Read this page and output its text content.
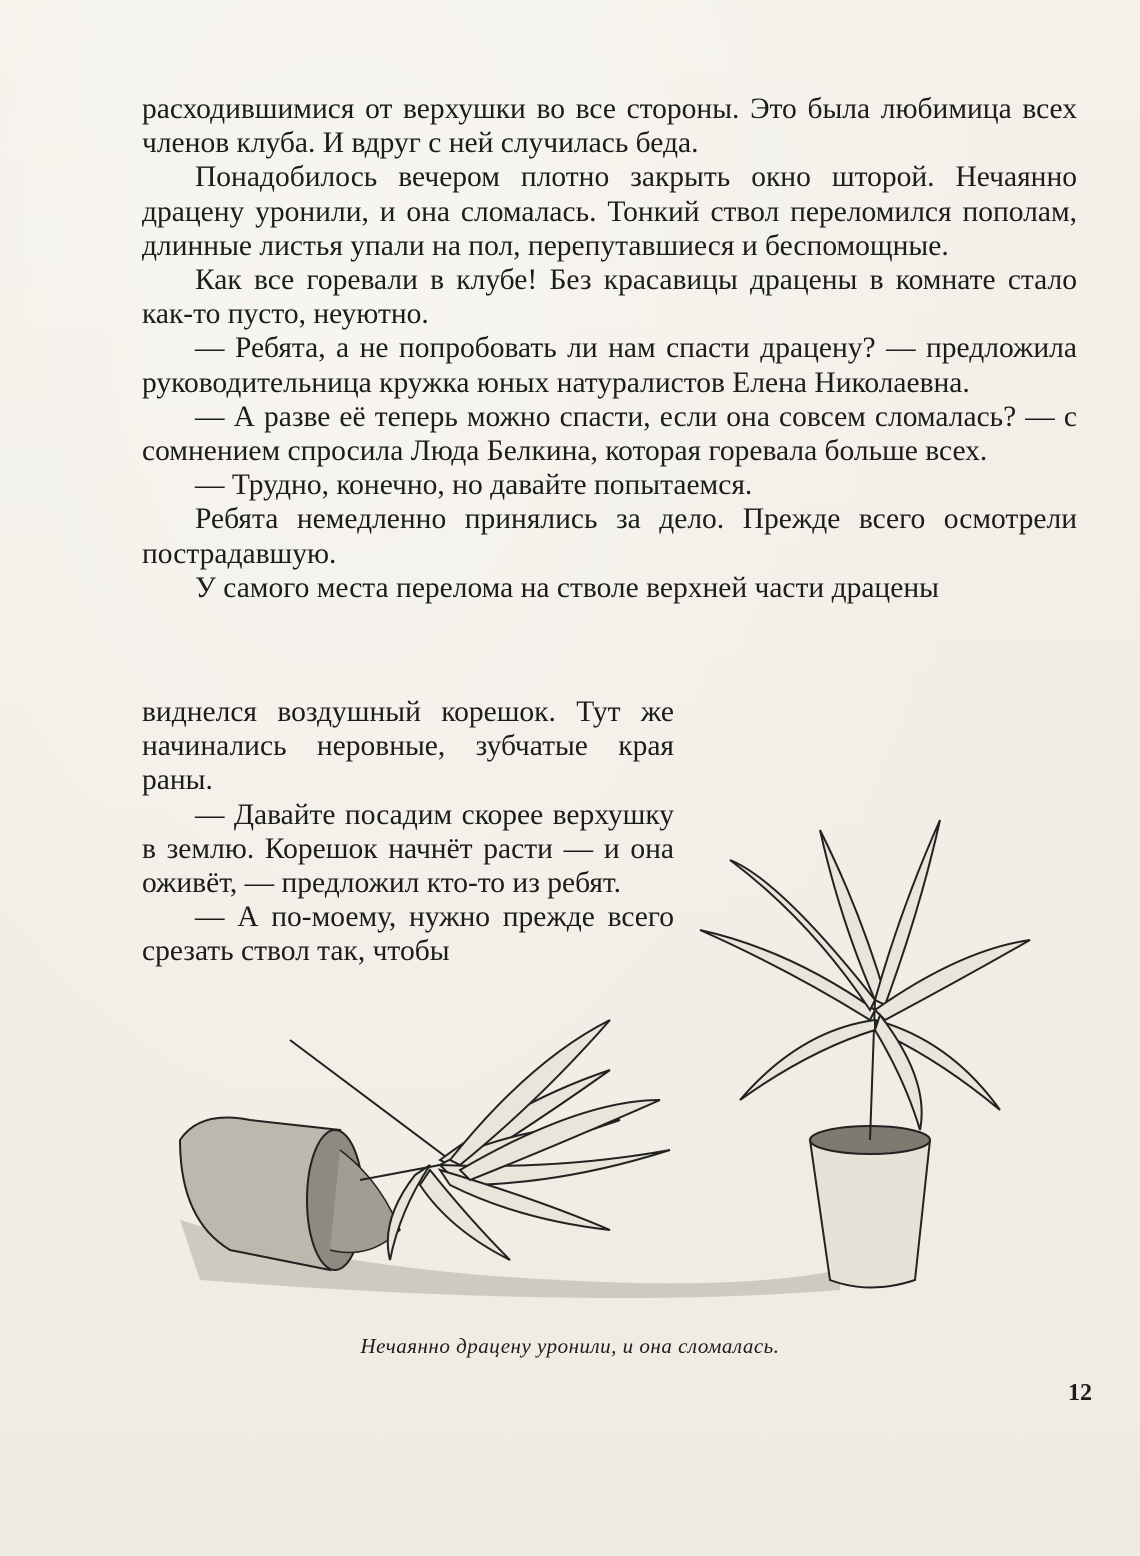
расходившимися от верхушки во все стороны. Это была любимица всех членов клуба. И вдруг с ней случилась беда.

Понадобилось вечером плотно закрыть окно шторой. Нечаянно драцену уронили, и она сломалась. Тонкий ствол переломился пополам, длинные листья упали на пол, перепутавшиеся и беспомощные.

Как все горевали в клубе! Без красавицы драцены в комнате стало как-то пусто, неуютно.

— Ребята, а не попробовать ли нам спасти драцену? — предложила руководительница кружка юных натуралистов Елена Николаевна.

— А разве её теперь можно спасти, если она совсем сломалась? — с сомнением спросила Люда Белкина, которая горевала больше всех.

— Трудно, конечно, но давайте попытаемся.

Ребята немедленно принялись за дело. Прежде всего осмотрели пострадавшую.

У самого места перелома на стволе верхней части драцены

виднелся воздушный корешок. Тут же начинались неровные, зубчатые края раны.

— Давайте посадим скорее верхушку в землю. Корешок начнёт расти — и она оживёт, — предложил кто-то из ребят.

— А по-моему, нужно прежде всего срезать ствол так, чтобы

Нечаянно драцену уронили, и она сломалась.
12
